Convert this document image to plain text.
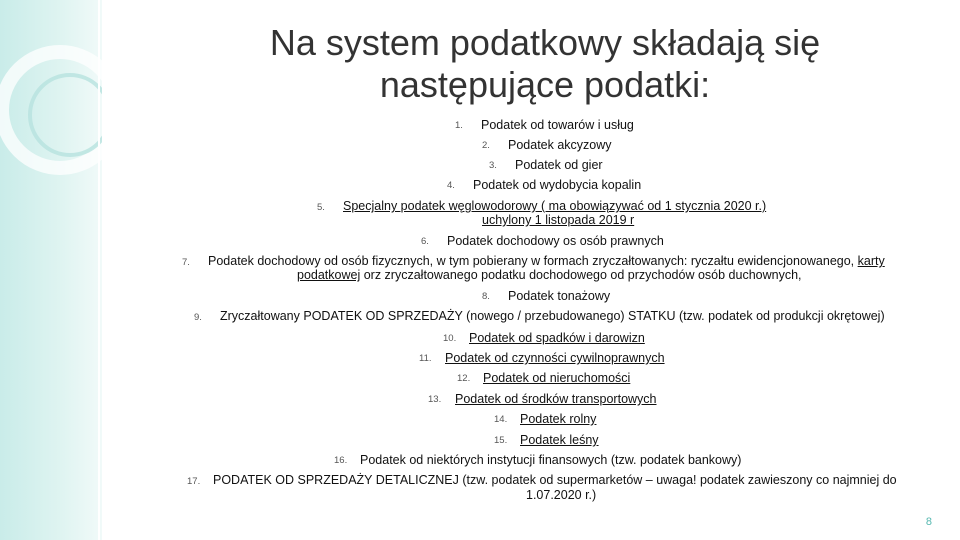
Na system podatkowy składają się
następujące podatki:
1. Podatek od towarów i usług
2. Podatek akcyzowy
3. Podatek od gier
4. Podatek od wydobycia kopalin
5. Specjalny podatek węglowodorowy ( ma obowiązywać od 1 stycznia 2020 r.)
uchylony 1 listopada 2019 r
6. Podatek dochodowy os osób prawnych
7. Podatek dochodowy od osób fizycznych, w tym pobierany w formach zryczałtowanych: ryczałtu ewidencjonowanego, karty
podatkowej orz zryczałtowanego podatku dochodowego od przychodów osób duchownych,
8. Podatek tonażowy
9. Zryczałtowany PODATEK OD SPRZEDAŻY (nowego / przebudowanego) STATKU (tzw. podatek od produkcji okrętowej)
10. Podatek od spadków i darowizn
11. Podatek od czynności cywilnoprawnych
12. Podatek od nieruchomości
13. Podatek od środków transportowych
14. Podatek rolny
15. Podatek leśny
16. Podatek od niektórych instytucji finansowych (tzw. podatek bankowy)
17. PODATEK OD SPRZEDAŻY DETALICZNEJ (tzw. podatek od supermarketów – uwaga! podatek zawieszony co najmniej do
1.07.2020 r.)
8
